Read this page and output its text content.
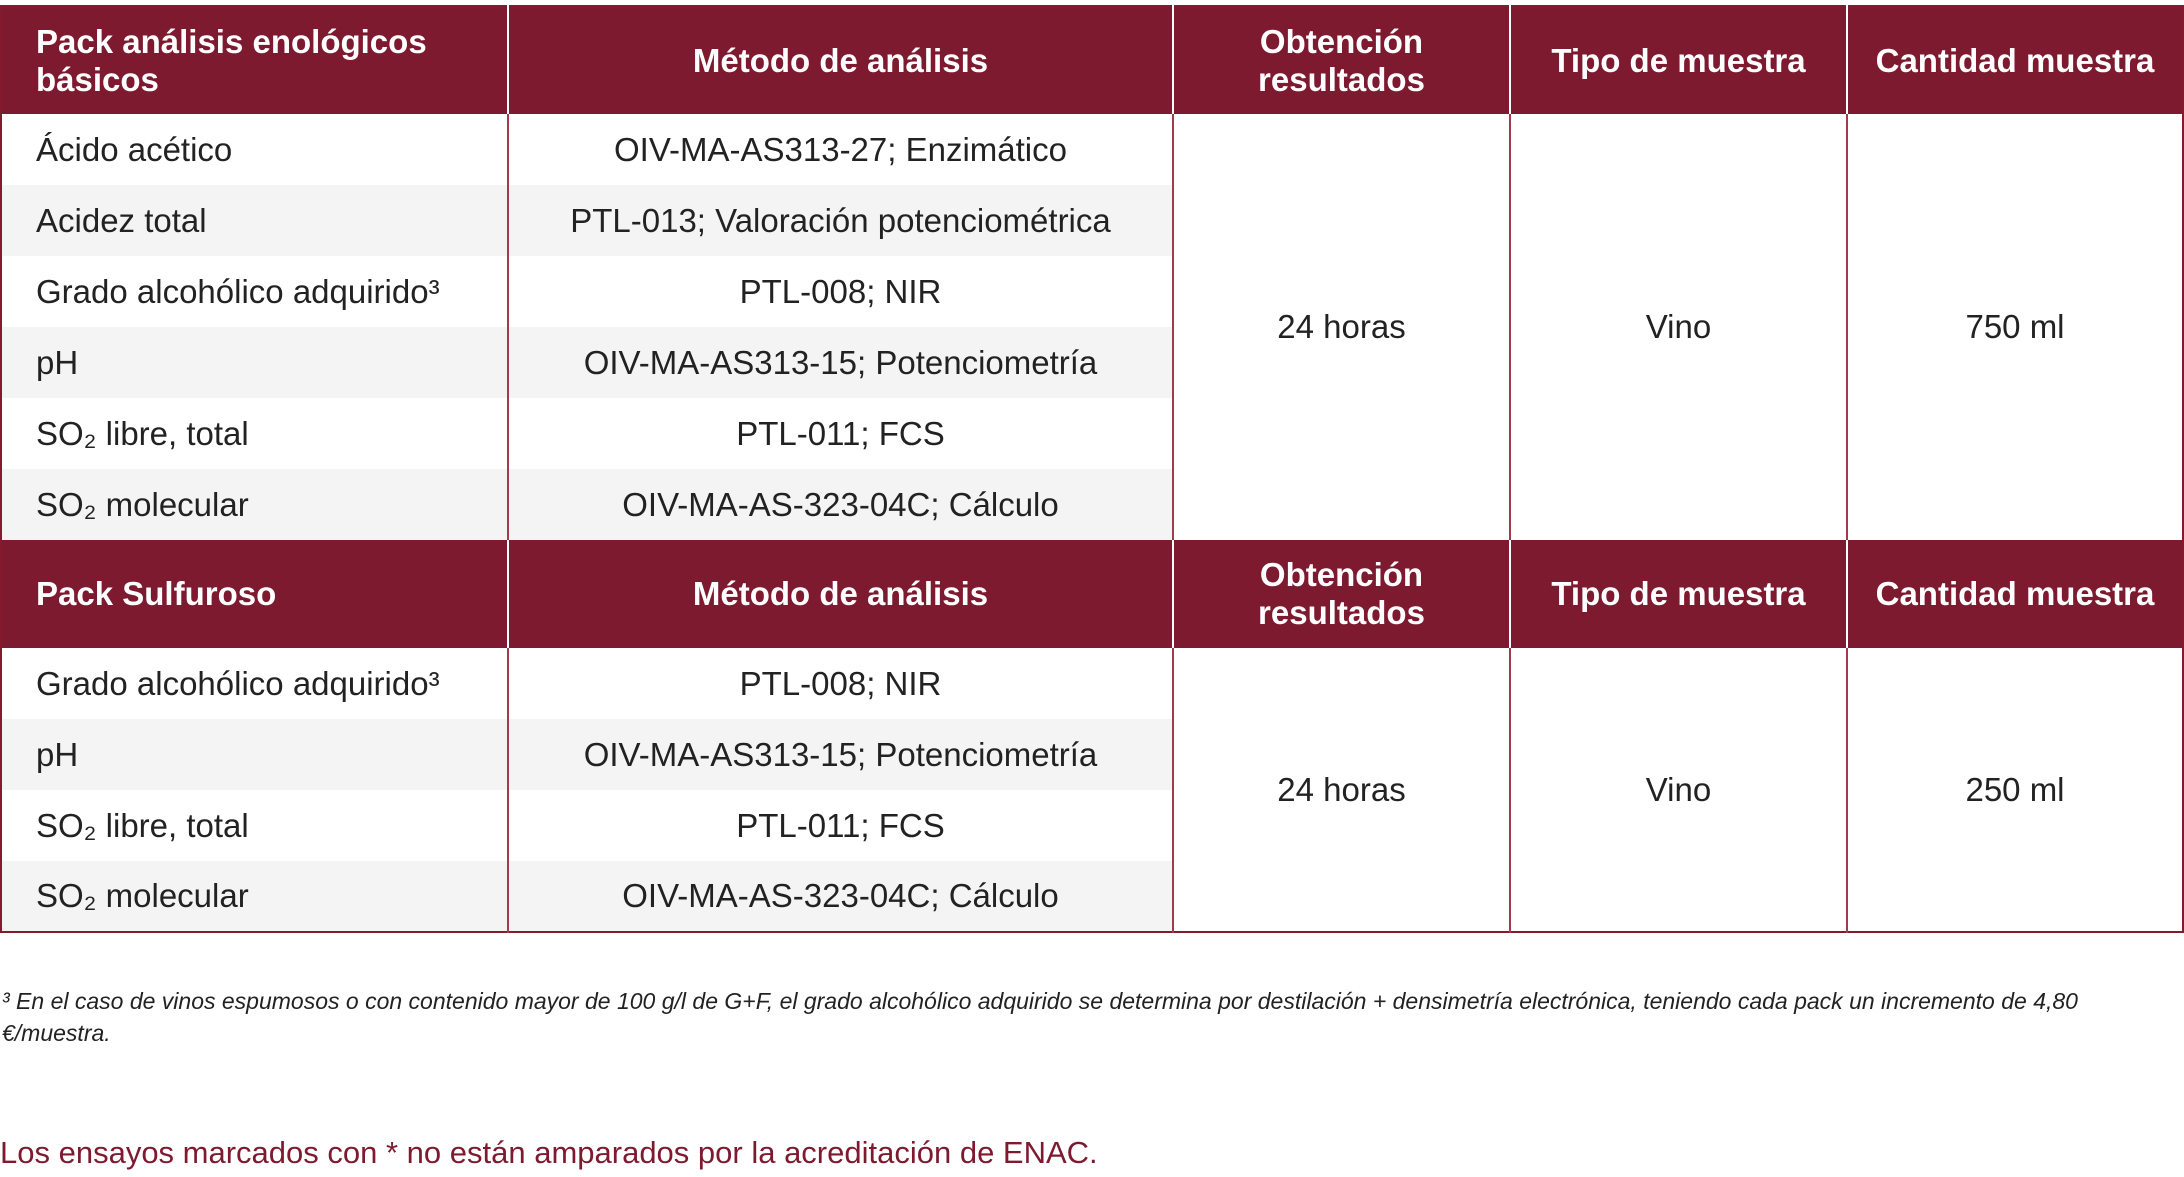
Pack análisis enológicos básicos	Método de análisis	Obtención resultados	Tipo de muestra	Cantidad muestra
Ácido acético	OIV-MA-AS313-27; Enzimático	24 horas	Vino	750 ml
Acidez total	PTL-013; Valoración potenciométrica			
Grado alcohólico adquirido³	PTL-008; NIR			
pH	OIV-MA-AS313-15; Potenciometría			
SO₂ libre, total	PTL-011; FCS			
SO₂ molecular	OIV-MA-AS-323-04C; Cálculo			
Pack Sulfuroso	Método de análisis	Obtención resultados	Tipo de muestra	Cantidad muestra
Grado alcohólico adquirido³	PTL-008; NIR	24 horas	Vino	250 ml
pH	OIV-MA-AS313-15; Potenciometría			
SO₂ libre, total	PTL-011; FCS			
SO₂ molecular	OIV-MA-AS-323-04C; Cálculo			

³ En el caso de vinos espumosos o con contenido mayor de 100 g/l de G+F, el grado alcohólico adquirido se determina por destilación + densimetría electrónica, teniendo cada pack un incremento de 4,80 €/muestra.

Los ensayos marcados con * no están amparados por la acreditación de ENAC.
